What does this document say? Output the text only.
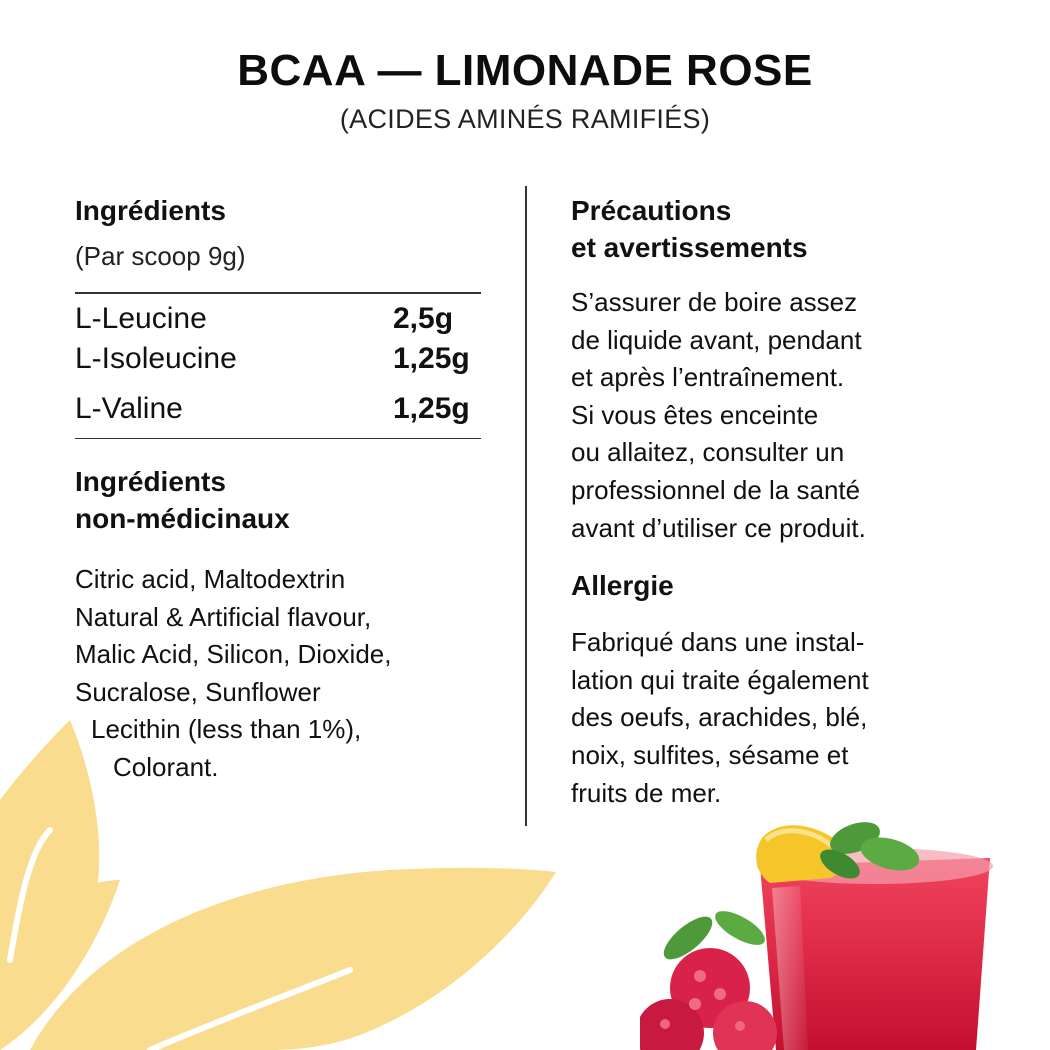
BCAA — LIMONADE ROSE
(ACIDES AMINÉS RAMIFIÉS)
Ingrédients
(Par scoop 9g)
L-Leucine	2,5g
L-Isoleucine	1,25g
L-Valine	1,25g
Ingrédients
non-médicinaux
Citric acid, Maltodextrin
Natural & Artificial flavour,
Malic Acid, Silicon, Dioxide,
Sucralose, Sunflower
Lecithin (less than 1%),
Colorant.
Précautions
et avertissements
S’assurer de boire assez
de liquide avant, pendant
et après l’entraînement.
Si vous êtes enceinte
ou allaitez, consulter un
professionnel de la santé
avant d’utiliser ce produit.
Allergie
Fabriqué dans une instal-
lation qui traite également
des oeufs, arachides, blé,
noix, sulfites, sésame et
fruits de mer.
